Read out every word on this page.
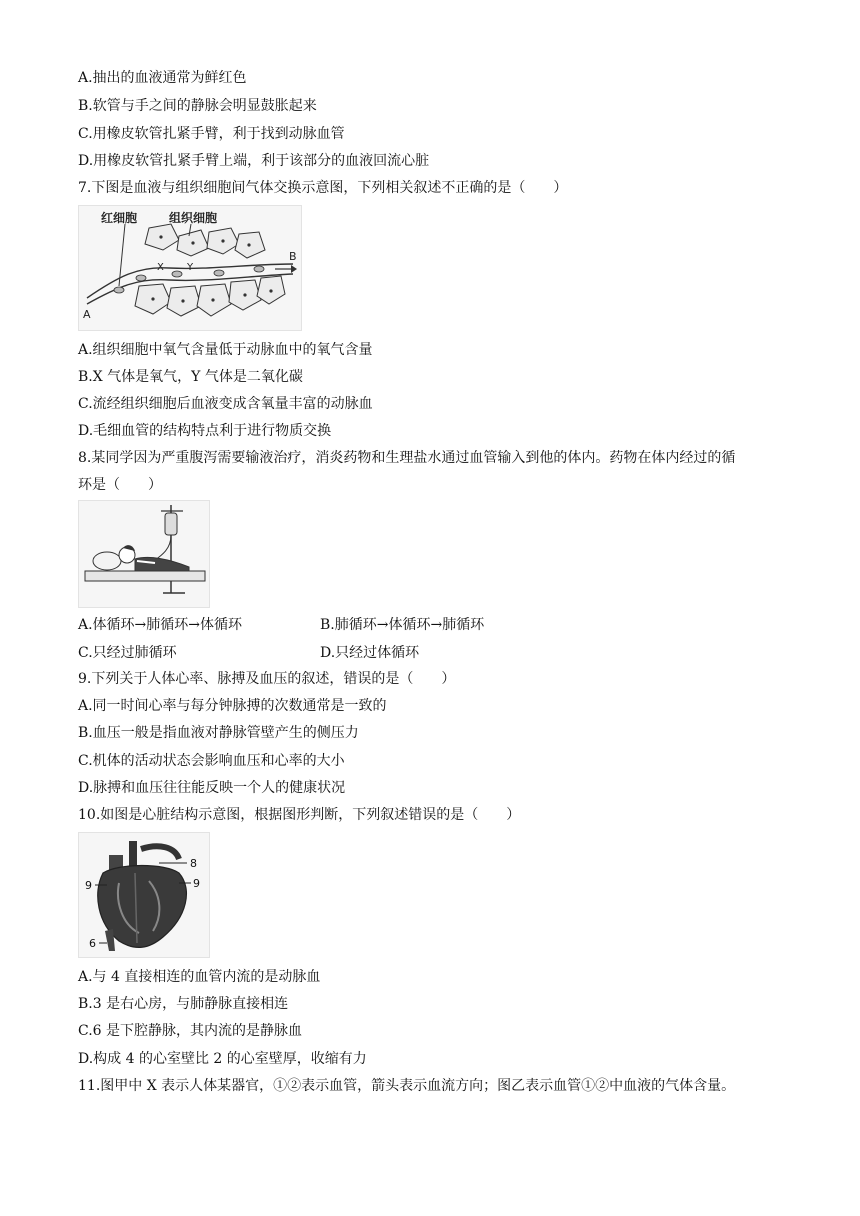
A.抽出的血液通常为鲜红色
B.软管与手之间的静脉会明显鼓胀起来
C.用橡皮软管扎紧手臂，利于找到动脉血管
D.用橡皮软管扎紧手臂上端，利于该部分的血液回流心脏
7.下图是血液与组织细胞间气体交换示意图，下列相关叙述不正确的是（　　）
红细胞	组织细胞
A
B
X Y
A.组织细胞中氧气含量低于动脉血中的氧气含量
B.X 气体是氧气，Y 气体是二氧化碳
C.流经组织细胞后血液变成含氧量丰富的动脉血
D.毛细血管的结构特点利于进行物质交换
8.某同学因为严重腹泻需要输液治疗，消炎药物和生理盐水通过血管输入到他的体内。药物在体内经过的循
环是（　　）
A.体循环→肺循环→体循环	B.肺循环→体循环→肺循环
C.只经过肺循环	D.只经过体循环
9.下列关于人体心率、脉搏及血压的叙述，错误的是（　　）
A.同一时间心率与每分钟脉搏的次数通常是一致的
B.血压一般是指血液对静脉管壁产生的侧压力
C.机体的活动状态会影响血压和心率的大小
D.脉搏和血压往往能反映一个人的健康状况
10.如图是心脏结构示意图，根据图形判断，下列叙述错误的是（　　）
8
9	9
6
A.与 4 直接相连的血管内流的是动脉血
B.3 是右心房，与肺静脉直接相连
C.6 是下腔静脉，其内流的是静脉血
D.构成 4 的心室壁比 2 的心室壁厚，收缩有力
11.图甲中 X 表示人体某器官，①②表示血管，箭头表示血流方向；图乙表示血管①②中血液的气体含量。
